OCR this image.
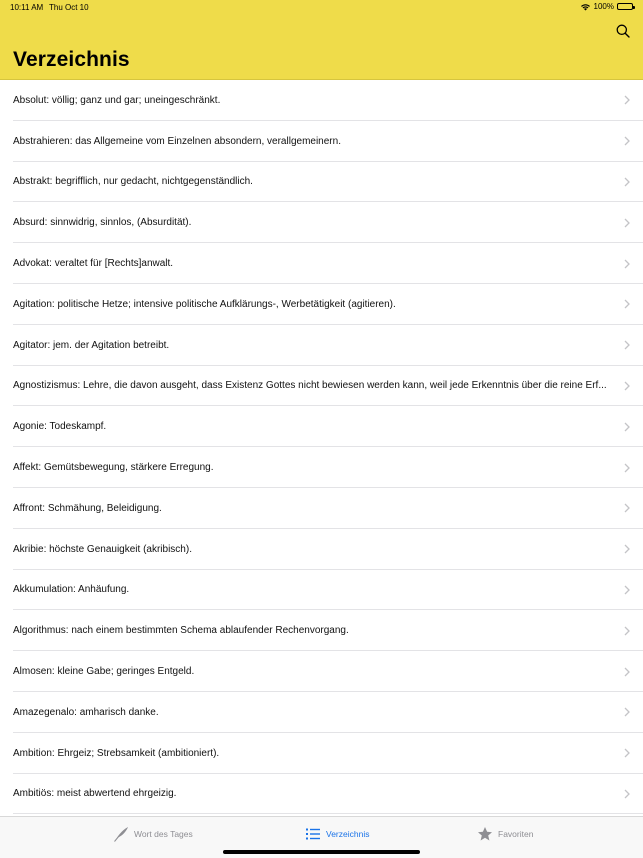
10:11 AM Thu Oct 10	100%
Verzeichnis
Absolut: völlig; ganz und gar; uneingeschränkt.
Abstrahieren: das Allgemeine vom Einzelnen absondern, verallgemeinern.
Abstrakt: begrifflich, nur gedacht, nichtgegenständlich.
Absurd: sinnwidrig, sinnlos, (Absurdität).
Advokat: veraltet für [Rechts]anwalt.
Agitation: politische Hetze; intensive politische Aufklärungs-, Werbetätigkeit (agitieren).
Agitator: jem. der Agitation betreibt.
Agnostizismus: Lehre, die davon ausgeht, dass Existenz Gottes nicht bewiesen werden kann, weil jede Erkenntnis über die reine Erf...
Agonie: Todeskampf.
Affekt: Gemütsbewegung, stärkere Erregung.
Affront: Schmähung, Beleidigung.
Akribie: höchste Genauigkeit (akribisch).
Akkumulation: Anhäufung.
Algorithmus: nach einem bestimmten Schema ablaufender Rechenvorgang.
Almosen: kleine Gabe; geringes Entgeld.
Amazegenalo: amharisch danke.
Ambition: Ehrgeiz; Strebsamkeit (ambitioniert).
Ambitiös: meist abwertend ehrgeizig.
Wort des Tages	Verzeichnis	Favoriten
